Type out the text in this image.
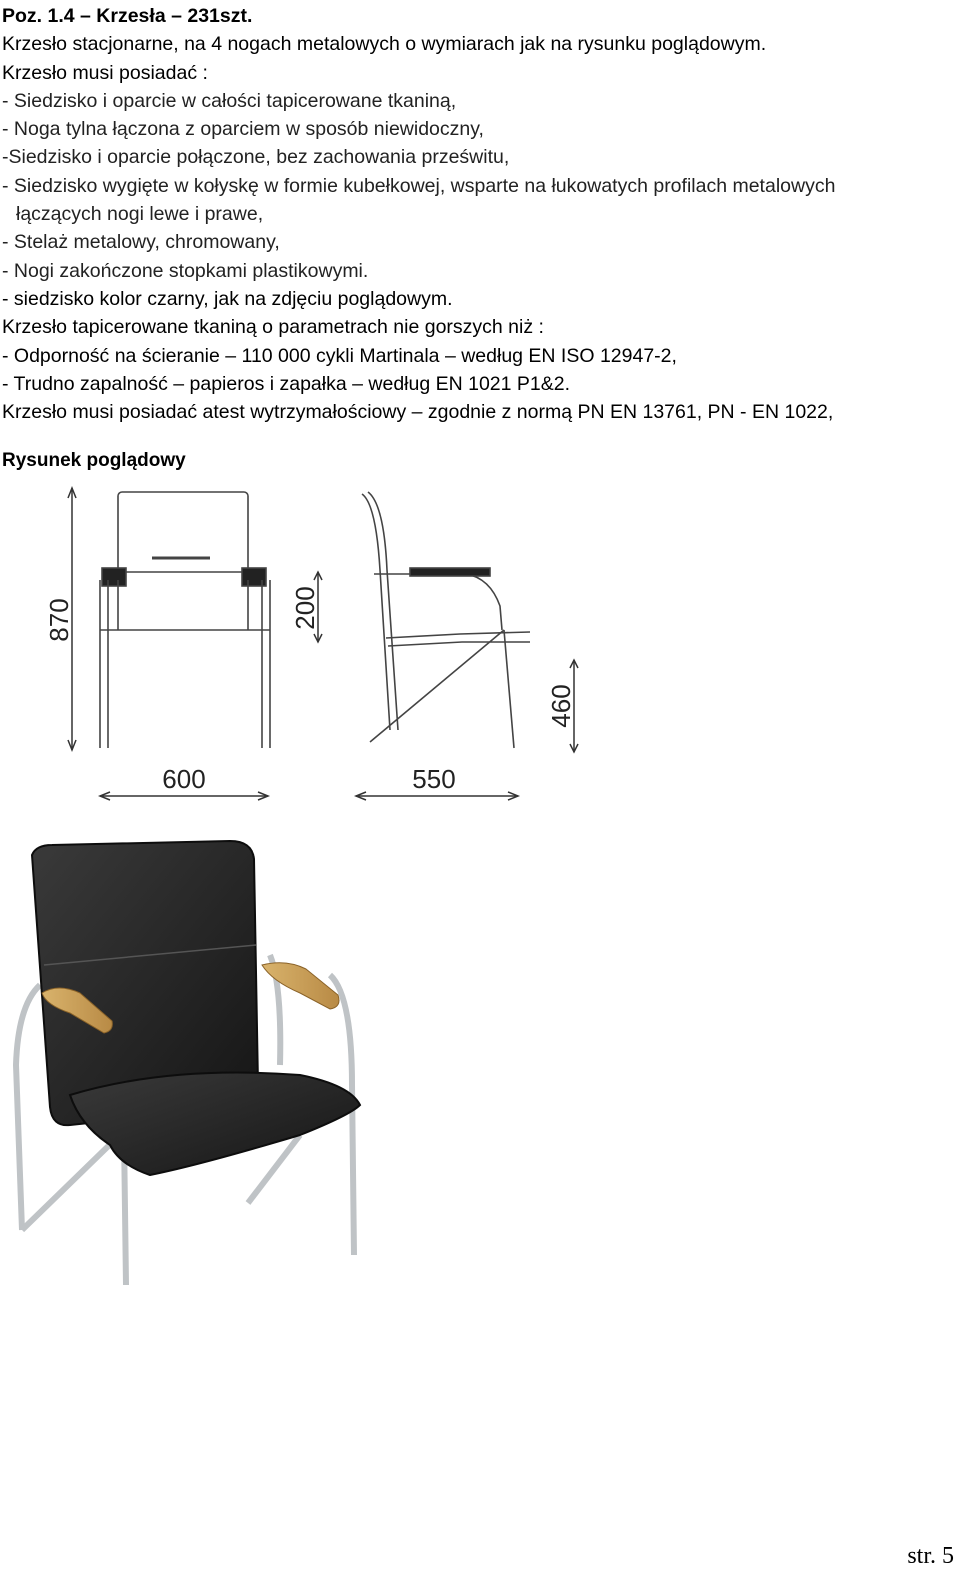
Poz. 1.4 – Krzesła – 231szt.

Krzesło stacjonarne, na 4 nogach metalowych o wymiarach jak na rysunku poglądowym.

Krzesło musi posiadać :

- Siedzisko i oparcie w całości tapicerowane tkaniną,

- Noga tylna łączona z oparciem w sposób niewidoczny,

-Siedzisko i oparcie połączone, bez zachowania prześwitu,

- Siedzisko wygięte w kołyskę w formie kubełkowej, wsparte na łukowatych profilach metalowych

łączących nogi lewe i prawe,

- Stelaż metalowy, chromowany,

- Nogi zakończone stopkami plastikowymi.

- siedzisko kolor czarny, jak na zdjęciu poglądowym.

Krzesło tapicerowane tkaniną o parametrach nie gorszych niż :

- Odporność na ścieranie – 110 000 cykli Martinala – według EN ISO 12947-2,

- Trudno zapalność – papieros i zapałka – według EN 1021 P1&2.

Krzesło musi posiadać atest wytrzymałościowy – zgodnie z normą PN EN 13761, PN - EN 1022,

Rysunek poglądowy

870	200
460
600	550
str. 5
